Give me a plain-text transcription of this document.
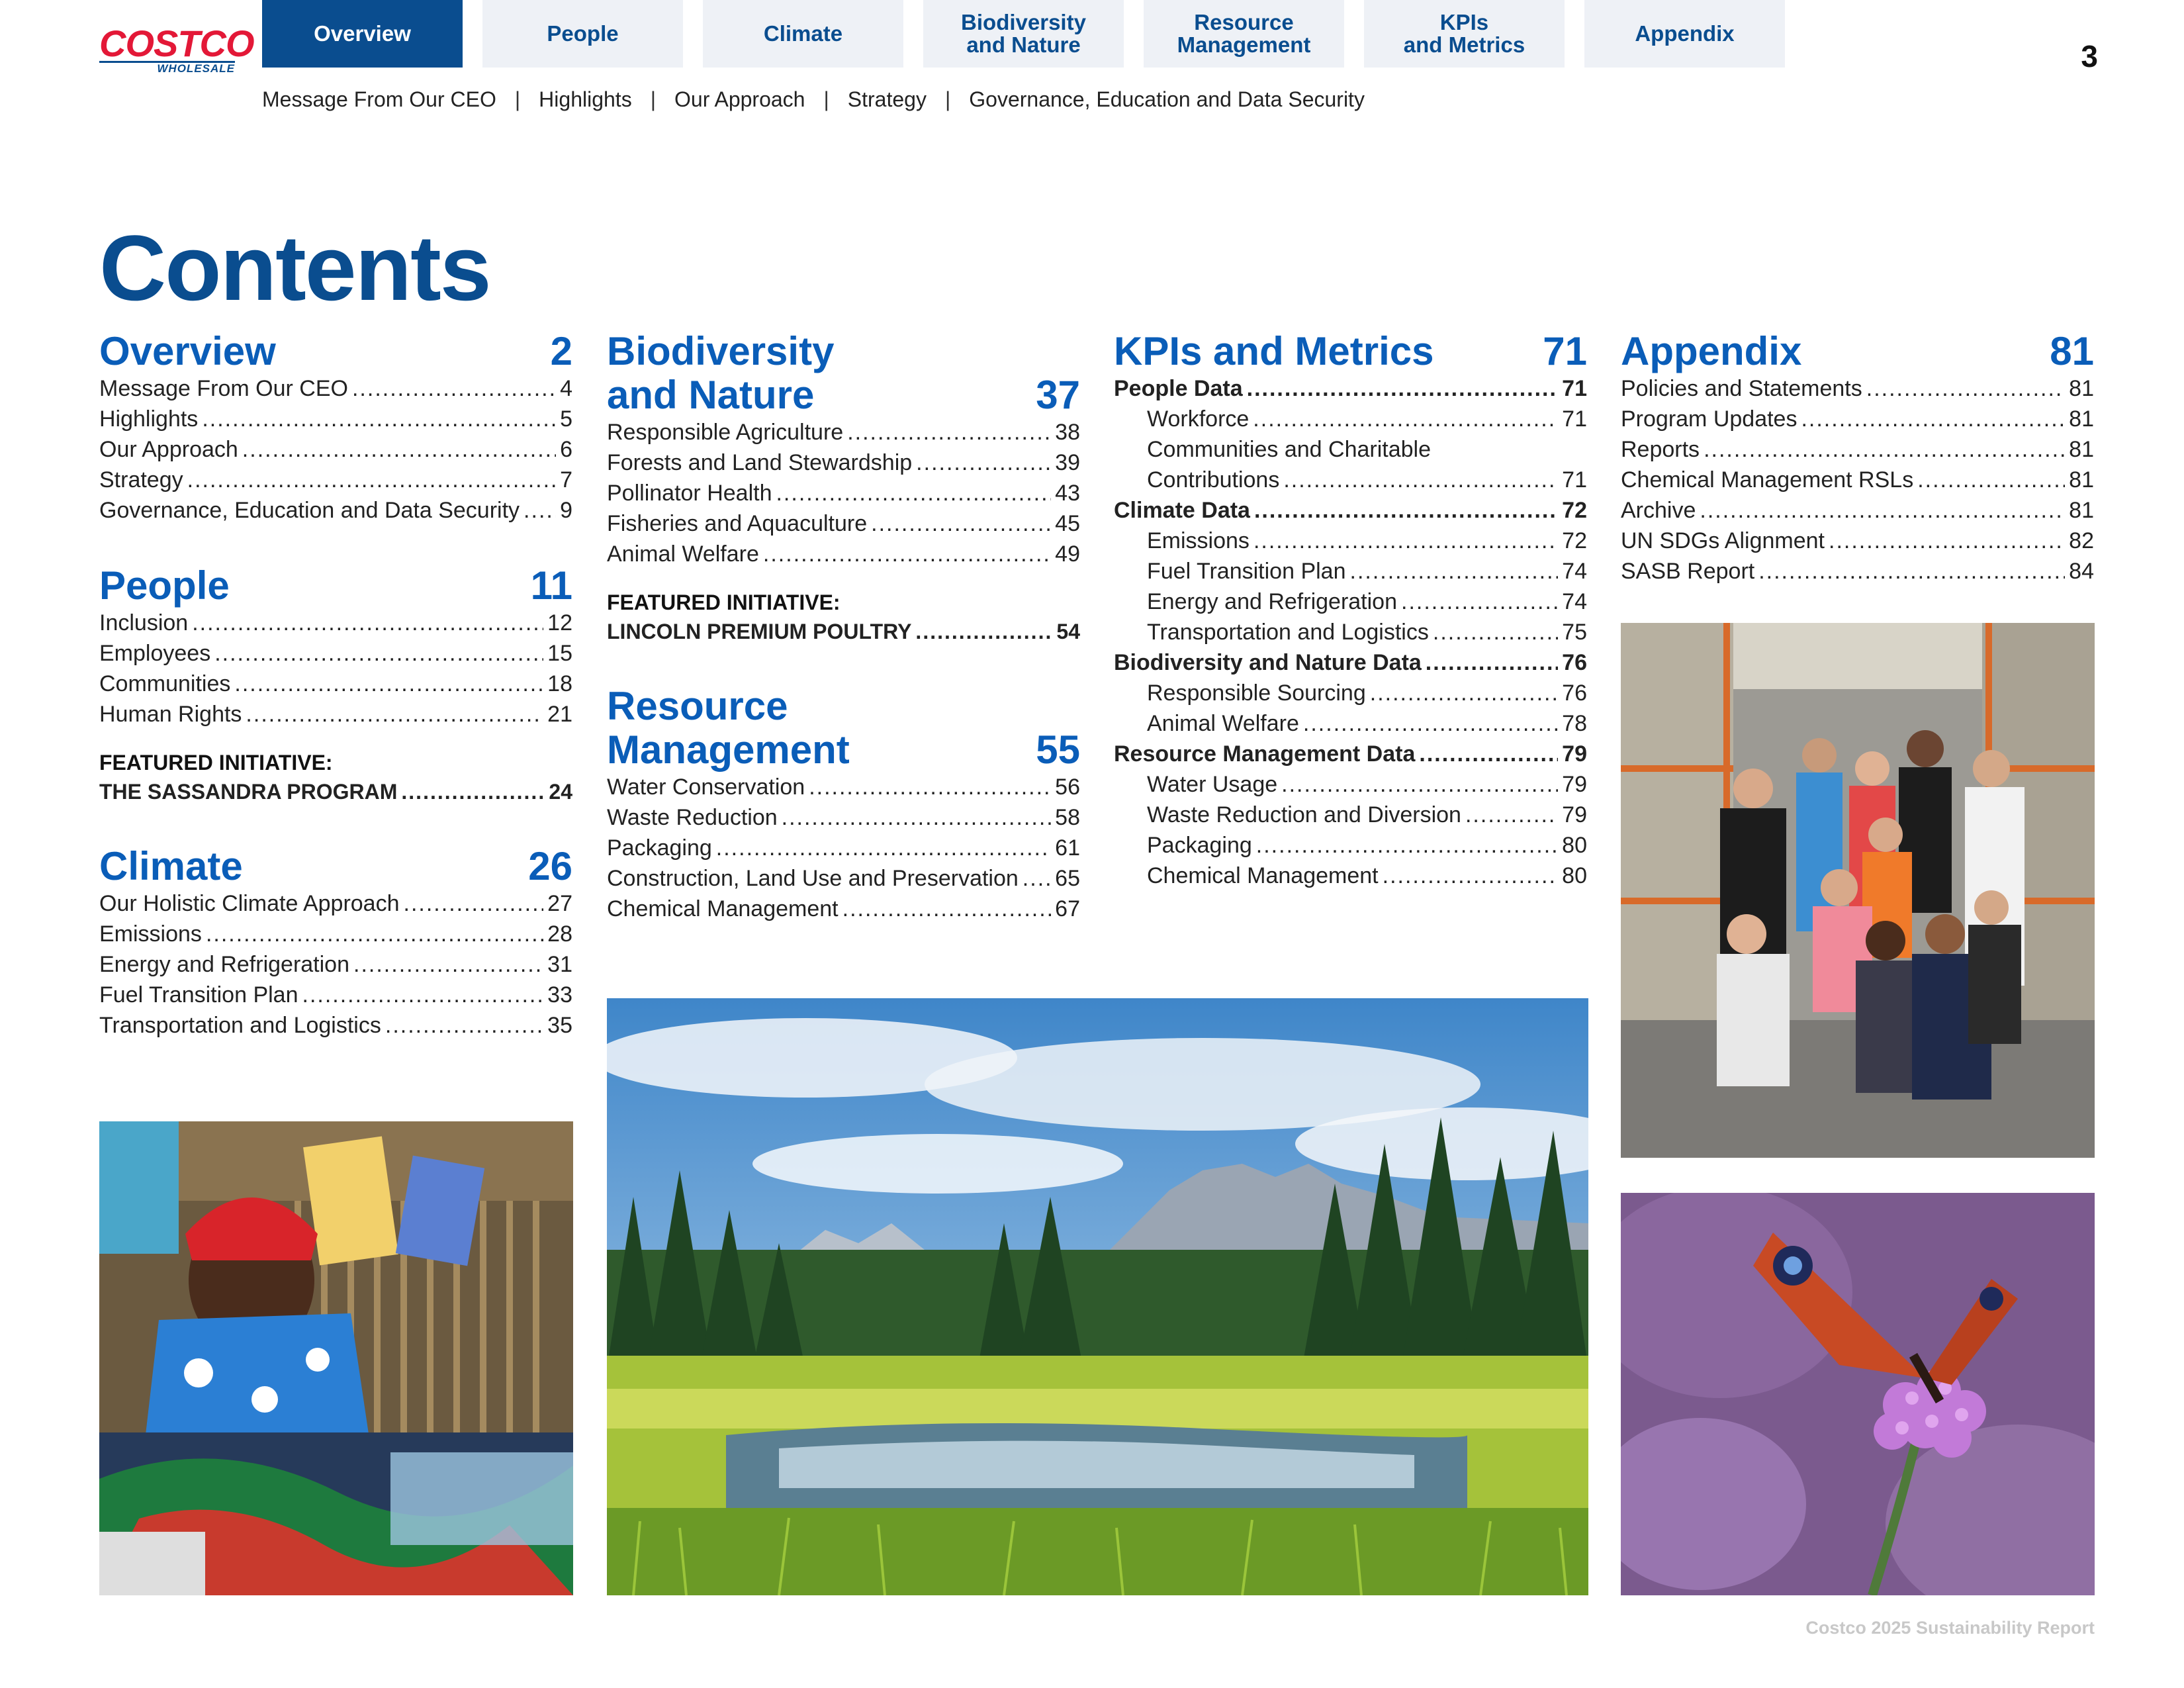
COSTCO
WHOLESALE
Overview	People	Climate	Biodiversity
and Nature
Resource
Management
KPIs
and Metrics	Appendix
3
Message From Our CEO | Highlights | Our Approach | Strategy | Governance, Education and Data Security
Contents
Overview	2
Message From Our CEO .....	4
Highlights .....	5
Our Approach .....	6
Strategy .....	7
Governance, Education and Data Security ..... 9
People	11
Inclusion .....	12
Employees .....	15
Communities .....	18
Human Rights .....	21
FEATURED INITIATIVE:
THE SASSANDRA PROGRAM .....	24
Climate	26
Our Holistic Climate Approach .....	27
Emissions .....	28
Energy and Refrigeration .....	31
Fuel Transition Plan .....	33
Transportation and Logistics .....	35
Biodiversity
and Nature	37
Responsible Agriculture .....	38
Forests and Land Stewardship .....	39
Pollinator Health .....	43
Fisheries and Aquaculture .....	45
Animal Welfare .....	49
FEATURED INITIATIVE:
LINCOLN PREMIUM POULTRY .....	54
Resource
Management	55
Water Conservation .....	56
Waste Reduction .....	58
Packaging .....	61
Construction, Land Use and Preservation ..... 65
Chemical Management .....	67
KPIs and Metrics	71
People Data .....	71
Workforce .....	71
Communities and Charitable
Contributions .....	71
Climate Data .....	72
Emissions .....	72
Fuel Transition Plan .....	74
Energy and Refrigeration .....	74
Transportation and Logistics .....	75
Biodiversity and Nature Data .....	76
Responsible Sourcing .....	76
Animal Welfare .....	78
Resource Management Data .....	79
Water Usage .....	79
Waste Reduction and Diversion .....	79
Packaging .....	80
Chemical Management .....	80
Appendix	81
Policies and Statements .....	81
Program Updates .....	81
Reports .....	81
Chemical Management RSLs .....	81
Archive .....	81
UN SDGs Alignment .....	82
SASB Report .....	84
Costco 2025 Sustainability Report
